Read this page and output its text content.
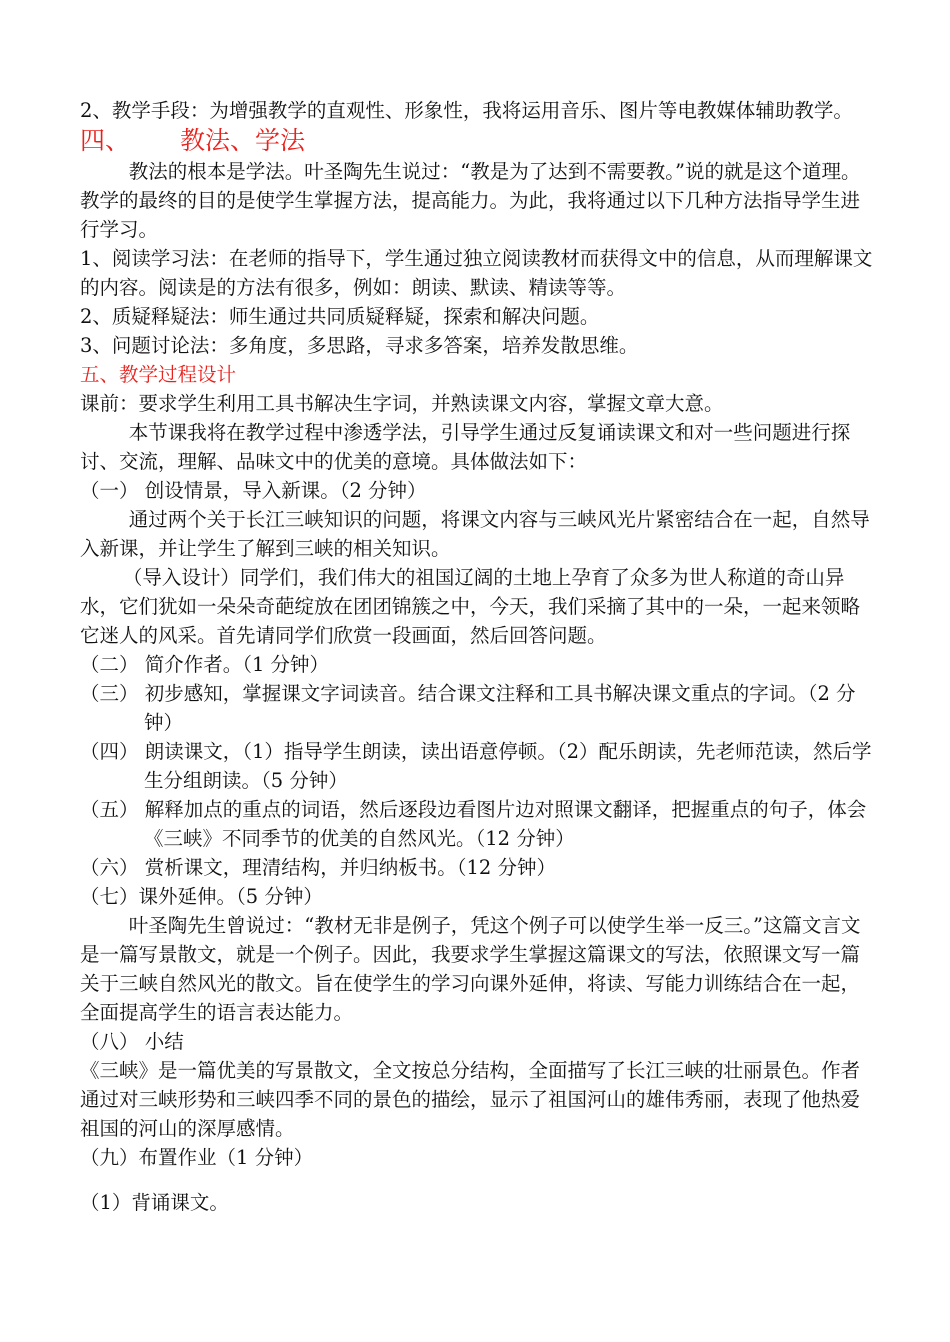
2、教学手段：为增强教学的直观性、形象性，我将运用音乐、图片等电教媒体辅助教学。

四、 教法、学法

教法的根本是学法。叶圣陶先生说过：“教是为了达到不需要教。”说的就是这个道理。教学的最终的目的是使学生掌握方法，提高能力。为此，我将通过以下几种方法指导学生进行学习。

1、阅读学习法：在老师的指导下，学生通过独立阅读教材而获得文中的信息，从而理解课文的内容。阅读是的方法有很多，例如：朗读、默读、精读等等。

2、质疑释疑法：师生通过共同质疑释疑，探索和解决问题。

3、问题讨论法：多角度，多思路，寻求多答案，培养发散思维。

五、教学过程设计

课前：要求学生利用工具书解决生字词，并熟读课文内容，掌握文章大意。

本节课我将在教学过程中渗透学法，引导学生通过反复诵读课文和对一些问题进行探讨、交流，理解、品味文中的优美的意境。具体做法如下：

（一） 创设情景，导入新课。（2 分钟）

通过两个关于长江三峡知识的问题，将课文内容与三峡风光片紧密结合在一起，自然导入新课，并让学生了解到三峡的相关知识。

（导入设计）同学们，我们伟大的祖国辽阔的土地上孕育了众多为世人称道的奇山异水，它们犹如一朵朵奇葩绽放在团团锦簇之中，今天，我们采摘了其中的一朵，一起来领略它迷人的风采。首先请同学们欣赏一段画面，然后回答问题。

（二） 简介作者。（1 分钟）

（三） 初步感知，掌握课文字词读音。结合课文注释和工具书解决课文重点的字词。（2 分钟）

（四） 朗读课文，（1）指导学生朗读，读出语意停顿。（2）配乐朗读，先老师范读，然后学生分组朗读。（5 分钟）

（五） 解释加点的重点的词语，然后逐段边看图片边对照课文翻译，把握重点的句子，体会《三峡》不同季节的优美的自然风光。（12 分钟）

（六） 赏析课文，理清结构，并归纳板书。（12 分钟）

（七）课外延伸。（5 分钟）

叶圣陶先生曾说过：“教材无非是例子，凭这个例子可以使学生举一反三。”这篇文言文是一篇写景散文，就是一个例子。因此，我要求学生掌握这篇课文的写法，依照课文写一篇关于三峡自然风光的散文。旨在使学生的学习向课外延伸，将读、写能力训练结合在一起，全面提高学生的语言表达能力。

（八） 小结

《三峡》是一篇优美的写景散文，全文按总分结构，全面描写了长江三峡的壮丽景色。作者通过对三峡形势和三峡四季不同的景色的描绘，显示了祖国河山的雄伟秀丽，表现了他热爱祖国的河山的深厚感情。

（九）布置作业（1 分钟）

（1）背诵课文。
